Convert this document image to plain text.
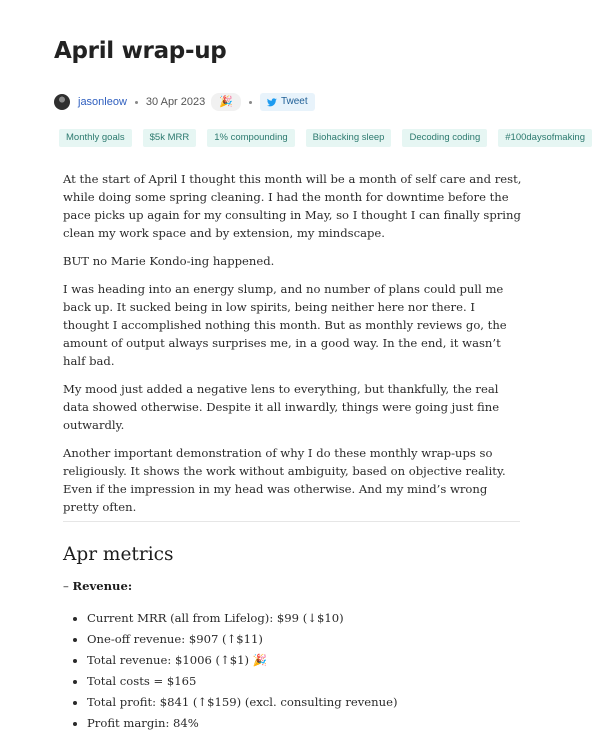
April wrap-up
jasonleow 30 Apr 2023	🎉	Tweet
Monthly goals	$5k MRR	1% compounding	Biohacking sleep	Decoding coding	#100daysofmaking

At the start of April I thought this month will be a month of self care and rest, while doing some spring cleaning. I had the month for downtime before the pace picks up again for my consulting in May, so I thought I can finally spring clean my work space and by extension, my mindscape.

BUT no Marie Kondo-ing happened.

I was heading into an energy slump, and no number of plans could pull me back up. It sucked being in low spirits, being neither here nor there. I thought I accomplished nothing this month. But as monthly reviews go, the amount of output always surprises me, in a good way. In the end, it wasn’t half bad.

My mood just added a negative lens to everything, but thankfully, the real data showed otherwise. Despite it all inwardly, things were going just fine outwardly.

Another important demonstration of why I do these monthly wrap-ups so religiously. It shows the work without ambiguity, based on objective reality. Even if the impression in my head was otherwise. And my mind’s wrong pretty often.

Apr metrics
– Revenue:
• Current MRR (all from Lifelog): $99 (↓$10)
• One-off revenue: $907 (↑$11)
• Total revenue: $1006 (↑$1) 🎉
• Total costs = $165
• Total profit: $841 (↑$159) (excl. consulting revenue)
• Profit margin: 84%
